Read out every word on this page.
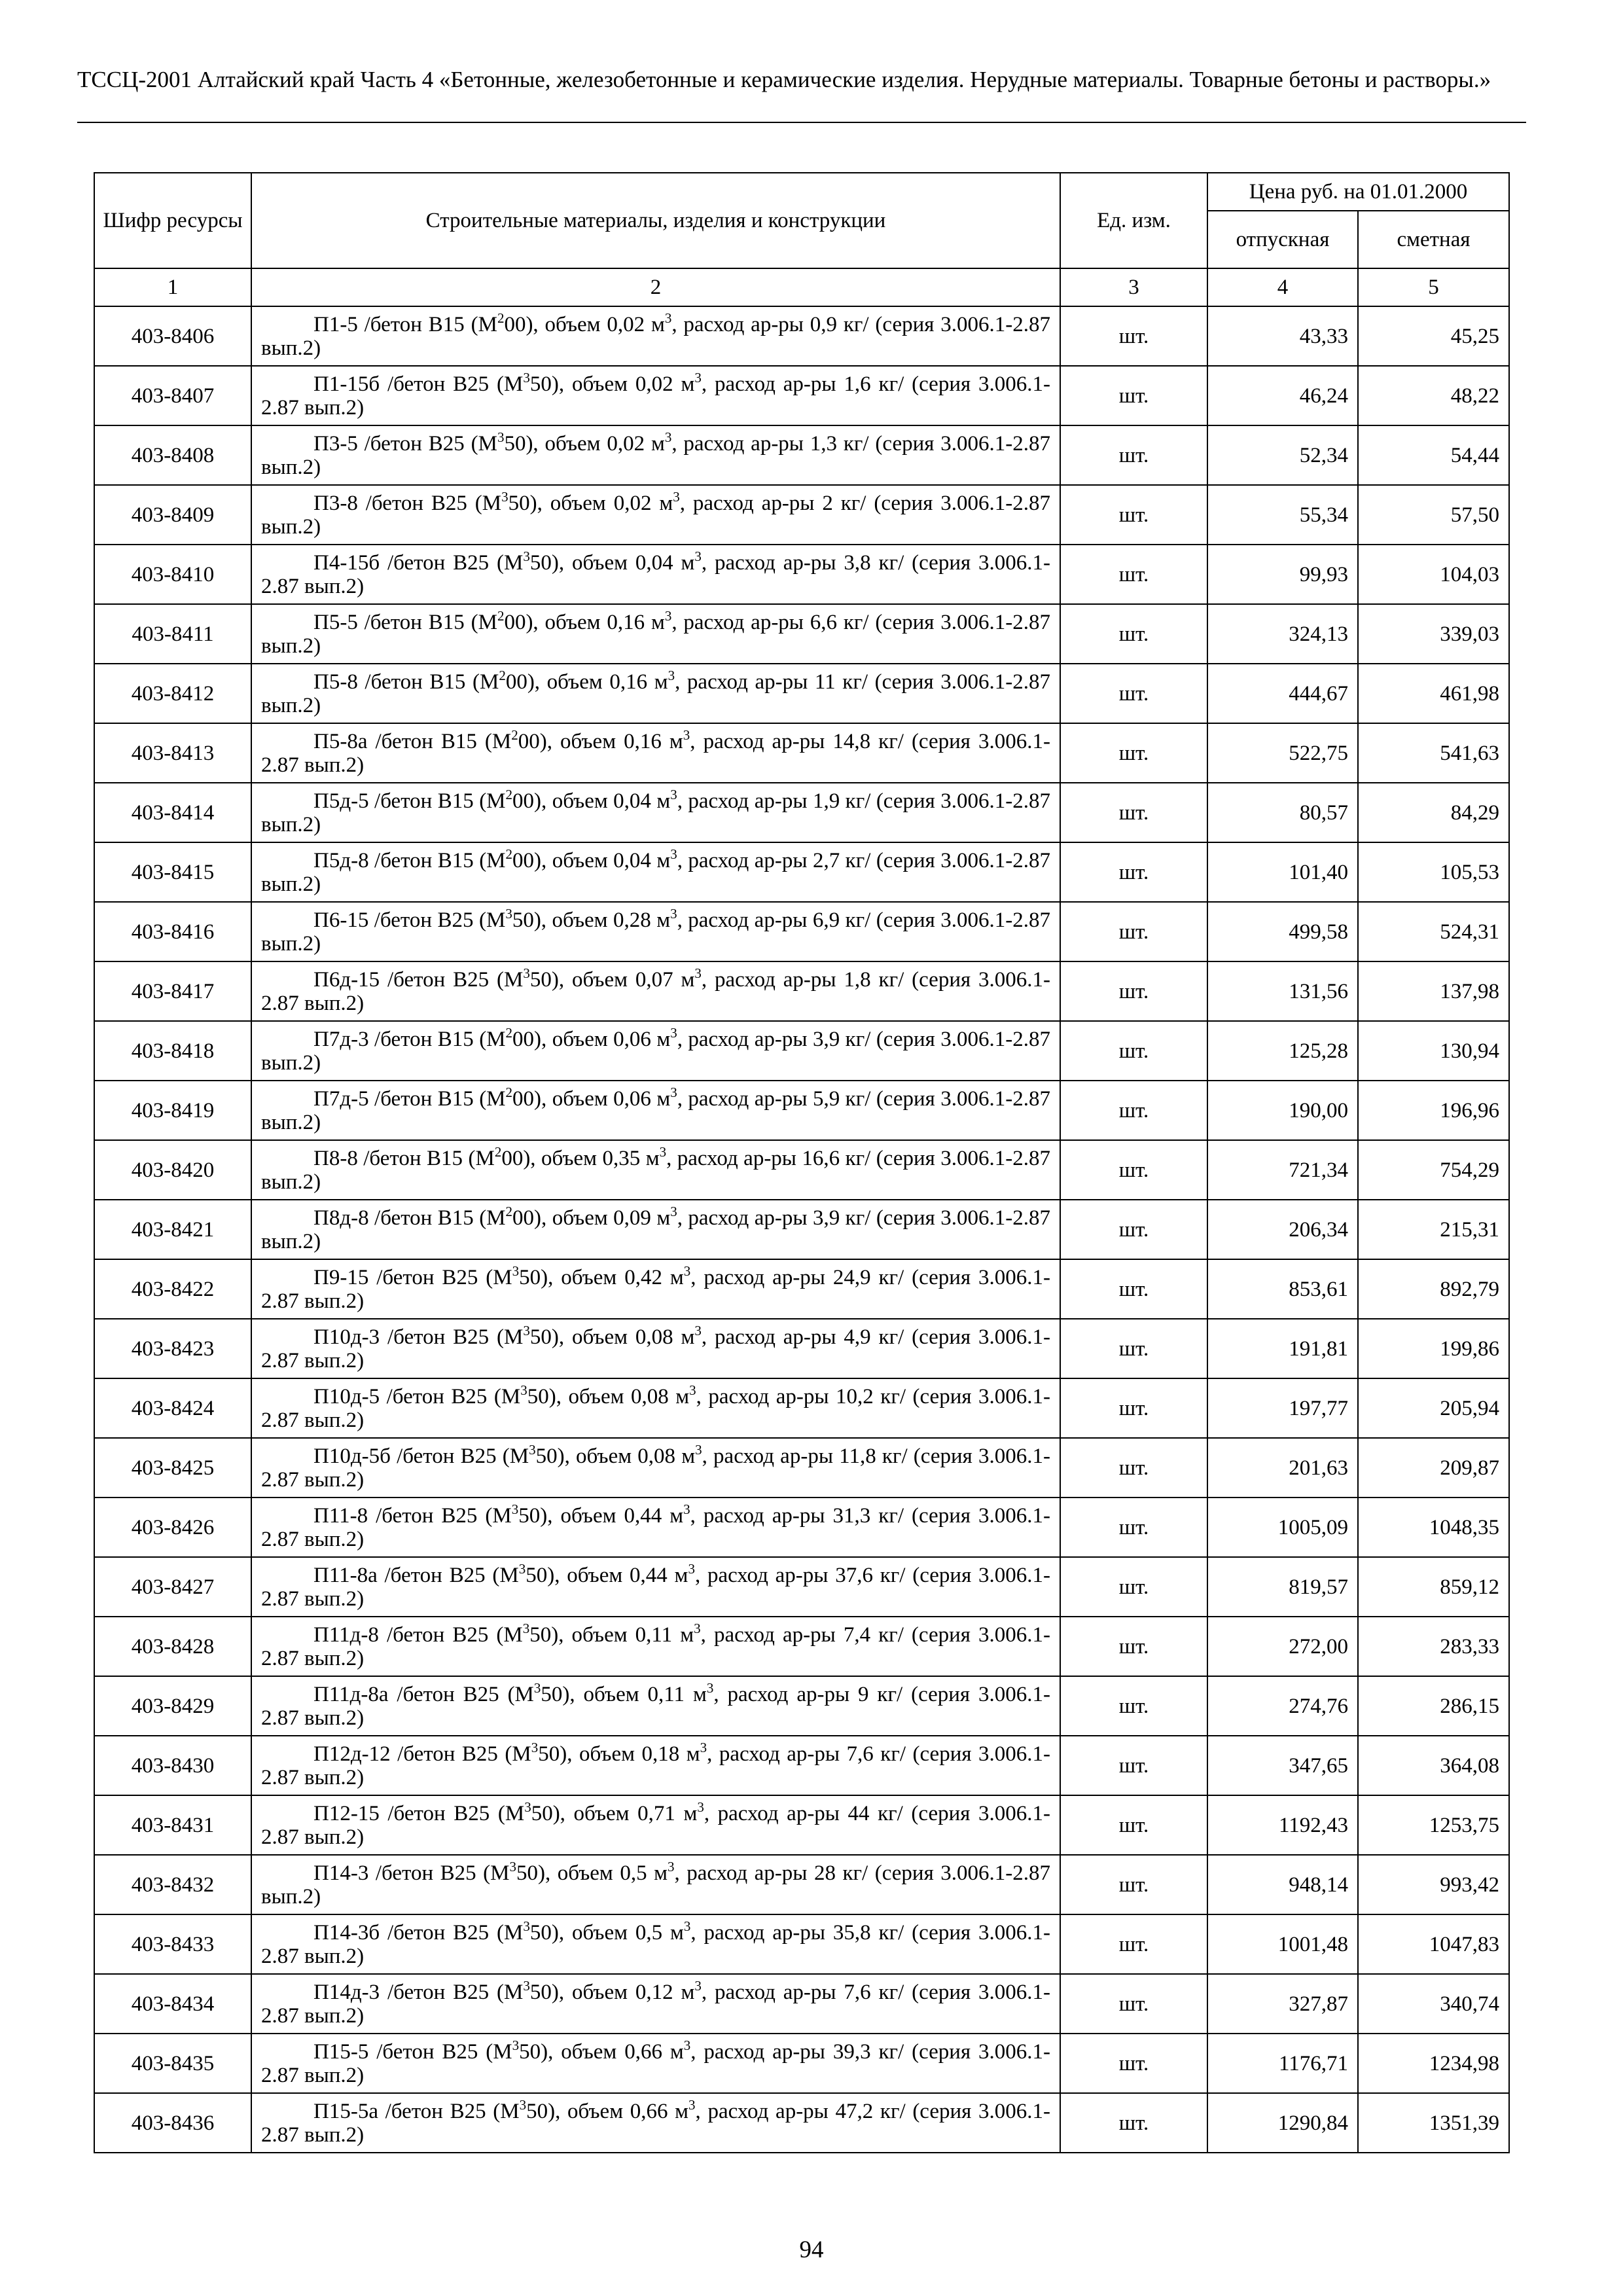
ТССЦ-2001 Алтайский край Часть 4 «Бетонные, железобетонные и керамические изделия. Нерудные материалы. Товарные бетоны и растворы.»
Шифр ресурсы	Строительные материалы, изделия и конструкции	Ед. изм.	Цена руб. на 01.01.2000	
			отпускная	сметная
1	2	3	4	5
403-8406	П1-5 /бетон В15 $(М^200)$, объем 0,02 $м^3$, расход ар-ры 0,9 кг/ (серия 3.006.1-2.87 вып.2)	шт.	43,33	45,25
403-8407	П1-15б /бетон В25 $(М^350)$, объем 0,02 $м^3$, расход ар-ры 1,6 кг/ (серия 3.006.1-2.87 вып.2)	шт.	46,24	48,22
403-8408	П3-5 /бетон В25 $(М^350)$, объем 0,02 $м^3$, расход ар-ры 1,3 кг/ (серия 3.006.1-2.87 вып.2)	шт.	52,34	54,44
403-8409	П3-8 /бетон В25 $(М^350)$, объем 0,02 $м^3$, расход ар-ры 2 кг/ (серия 3.006.1-2.87 вып.2)	шт.	55,34	57,50
403-8410	П4-15б /бетон В25 $(М^350)$, объем 0,04 $м^3$, расход ар-ры 3,8 кг/ (серия 3.006.1-2.87 вып.2)	шт.	99,93	104,03
403-8411	П5-5 /бетон В15 $(М^200)$, объем 0,16 $м^3$, расход ар-ры 6,6 кг/ (серия 3.006.1-2.87 вып.2)	шт.	324,13	339,03
403-8412	П5-8 /бетон В15 $(М^200)$, объем 0,16 $м^3$, расход ар-ры 11 кг/ (серия 3.006.1-2.87 вып.2)	шт.	444,67	461,98
403-8413	П5-8а /бетон В15 $(М^200)$, объем 0,16 $м^3$, расход ар-ры 14,8 кг/ (серия 3.006.1-2.87 вып.2)	шт.	522,75	541,63
403-8414	П5д-5 /бетон В15 $(М^200)$, объем 0,04 $м^3$, расход ар-ры 1,9 кг/ (серия 3.006.1-2.87 вып.2)	шт.	80,57	84,29
403-8415	П5д-8 /бетон В15 $(М^200)$, объем 0,04 $м^3$, расход ар-ры 2,7 кг/ (серия 3.006.1-2.87 вып.2)	шт.	101,40	105,53
403-8416	П6-15 /бетон В25 $(М^350)$, объем 0,28 $м^3$, расход ар-ры 6,9 кг/ (серия 3.006.1-2.87 вып.2)	шт.	499,58	524,31
403-8417	П6д-15 /бетон В25 $(М^350)$, объем 0,07 $м^3$, расход ар-ры 1,8 кг/ (серия 3.006.1-2.87 вып.2)	шт.	131,56	137,98
403-8418	П7д-3 /бетон В15 $(М^200)$, объем 0,06 $м^3$, расход ар-ры 3,9 кг/ (серия 3.006.1-2.87 вып.2)	шт.	125,28	130,94
403-8419	П7д-5 /бетон В15 $(М^200)$, объем 0,06 $м^3$, расход ар-ры 5,9 кг/ (серия 3.006.1-2.87 вып.2)	шт.	190,00	196,96
403-8420	П8-8 /бетон В15 $(М^200)$, объем 0,35 $м^3$, расход ар-ры 16,6 кг/ (серия 3.006.1-2.87 вып.2)	шт.	721,34	754,29
403-8421	П8д-8 /бетон В15 $(М^200)$, объем 0,09 $м^3$, расход ар-ры 3,9 кг/ (серия 3.006.1-2.87 вып.2)	шт.	206,34	215,31
403-8422	П9-15 /бетон В25 $(М^350)$, объем 0,42 $м^3$, расход ар-ры 24,9 кг/ (серия 3.006.1-2.87 вып.2)	шт.	853,61	892,79
403-8423	П10д-3 /бетон В25 $(М^350)$, объем 0,08 $м^3$, расход ар-ры 4,9 кг/ (серия 3.006.1-2.87 вып.2)	шт.	191,81	199,86
403-8424	П10д-5 /бетон В25 $(М^350)$, объем 0,08 $м^3$, расход ар-ры 10,2 кг/ (серия 3.006.1-2.87 вып.2)	шт.	197,77	205,94
403-8425	П10д-5б /бетон В25 $(М^350)$, объем 0,08 $м^3$, расход ар-ры 11,8 кг/ (серия 3.006.1-2.87 вып.2)	шт.	201,63	209,87
403-8426	П11-8 /бетон В25 $(М^350)$, объем 0,44 $м^3$, расход ар-ры 31,3 кг/ (серия 3.006.1-2.87 вып.2)	шт.	1005,09	1048,35
403-8427	П11-8а /бетон В25 $(М^350)$, объем 0,44 $м^3$, расход ар-ры 37,6 кг/ (серия 3.006.1-2.87 вып.2)	шт.	819,57	859,12
403-8428	П11д-8 /бетон В25 $(М^350)$, объем 0,11 $м^3$, расход ар-ры 7,4 кг/ (серия 3.006.1-2.87 вып.2)	шт.	272,00	283,33
403-8429	П11д-8а /бетон В25 $(М^350)$, объем 0,11 $м^3$, расход ар-ры 9 кг/ (серия 3.006.1-2.87 вып.2)	шт.	274,76	286,15
403-8430	П12д-12 /бетон В25 $(М^350)$, объем 0,18 $м^3$, расход ар-ры 7,6 кг/ (серия 3.006.1-2.87 вып.2)	шт.	347,65	364,08
403-8431	П12-15 /бетон В25 $(М^350)$, объем 0,71 $м^3$, расход ар-ры 44 кг/ (серия 3.006.1-2.87 вып.2)	шт.	1192,43	1253,75
403-8432	П14-3 /бетон В25 $(М^350)$, объем 0,5 $м^3$, расход ар-ры 28 кг/ (серия 3.006.1-2.87 вып.2)	шт.	948,14	993,42
403-8433	П14-3б /бетон В25 $(М^350)$, объем 0,5 $м^3$, расход ар-ры 35,8 кг/ (серия 3.006.1-2.87 вып.2)	шт.	1001,48	1047,83
403-8434	П14д-3 /бетон В25 $(М^350)$, объем 0,12 $м^3$, расход ар-ры 7,6 кг/ (серия 3.006.1-2.87 вып.2)	шт.	327,87	340,74
403-8435	П15-5 /бетон В25 $(М^350)$, объем 0,66 $м^3$, расход ар-ры 39,3 кг/ (серия 3.006.1-2.87 вып.2)	шт.	1176,71	1234,98
403-8436	П15-5а /бетон В25 $(М^350)$, объем 0,66 $м^3$, расход ар-ры 47,2 кг/ (серия 3.006.1-2.87 вып.2)	шт.	1290,84	1351,39
94
